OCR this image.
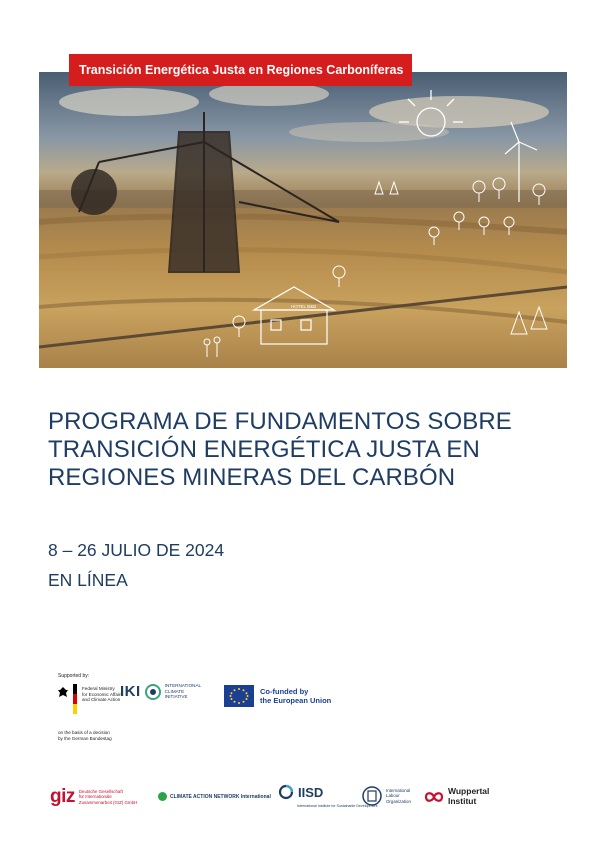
HOTEL B&B
Transición Energética Justa en Regiones Carboníferas
PROGRAMA DE FUNDAMENTOS SOBRE
TRANSICIÓN ENERGÉTICA JUSTA EN
REGIONES MINERAS DEL CARBÓN
8 – 26 JULIO DE 2024
EN LÍNEA
Supported by:
Federal Ministry
for Economic Affairs
and Climate Action
on the basis of a decision
by the German Bundestag
IKI	INTERNATIONAL
CLIMATE
INITIATIVE
Co-funded by
the European Union
giz Deutsche Gesellschaft
für Internationale
Zusammenarbeit (GIZ) GmbH
CLIMATE ACTION NETWORK International IISD
International Institute for Sustainable Development
International
Labour
Organization
Wuppertal
Institut
